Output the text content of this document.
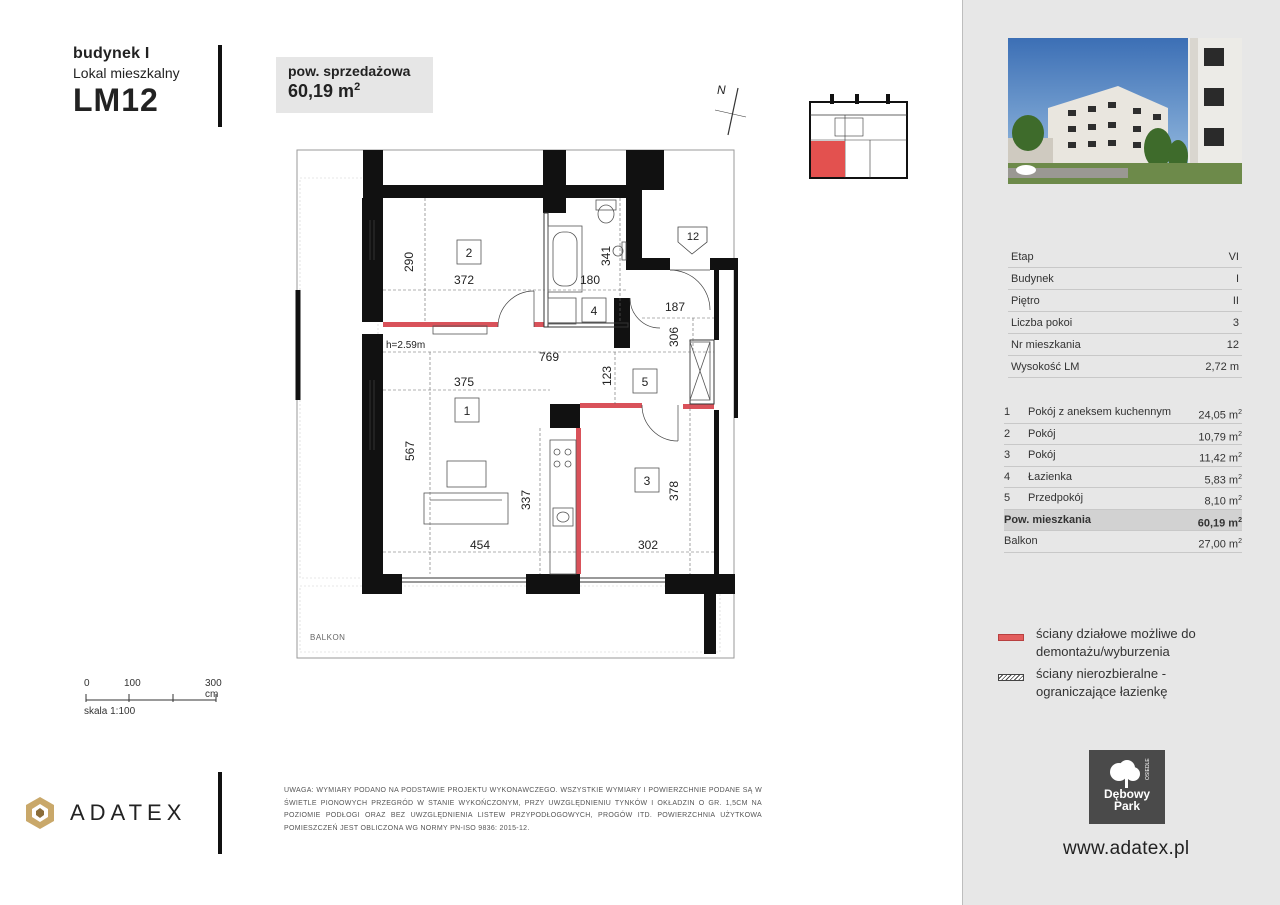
budynek I
Lokal mieszkalny
LM12
pow. sprzedażowa
60,19 $m^2$
2
1
3
4
5
290
372	180
341
187
306
769
375	123
567
337	378
454	302
h=2.59m
12
BALKON
N
0	100	300 cm
skala 1:100
ADATEX
UWAGA: WYMIARY PODANO NA PODSTAWIE PROJEKTU WYKONAWCZEGO. WSZYSTKIE WYMIARY I POWIERZCHNIE PODANE SĄ W ŚWIETLE PIONOWYCH PRZEGRÓD W STANIE WYKOŃCZONYM, PRZY UWZGLĘDNIENIU TYNKÓW I OKŁADZIN O GR. 1,5CM NA POZIOMIE PODŁOGI ORAZ BEZ UWZGLĘDNIENIA LISTEW PRZYPODŁOGOWYCH, PROGÓW ITD. POWIERZCHNIA UŻYTKOWA POMIESZCZEŃ JEST OBLICZONA WG NORMY PN-ISO 9836: 2015-12.
Etap	VI
Budynek	I
Piętro	II
Liczba pokoi	3
Nr mieszkania	12
Wysokość LM	2,72 m
1	Pokój z aneksem kuchennym	24,05 $m^2$
2	Pokój	10,79 $m^2$
3	Pokój	11,42 $m^2$
4	Łazienka	5,83 $m^2$
5	Przedpokój	8,10 $m^2$
Pow. mieszkania	60,19 $m^2$
Balkon	27,00 $m^2$
ściany działowe możliwe do demontażu/wyburzenia
ściany nierozbieralne - ograniczające łazienkę
OSIEDLE
Dębowy
Park
www.adatex.pl
